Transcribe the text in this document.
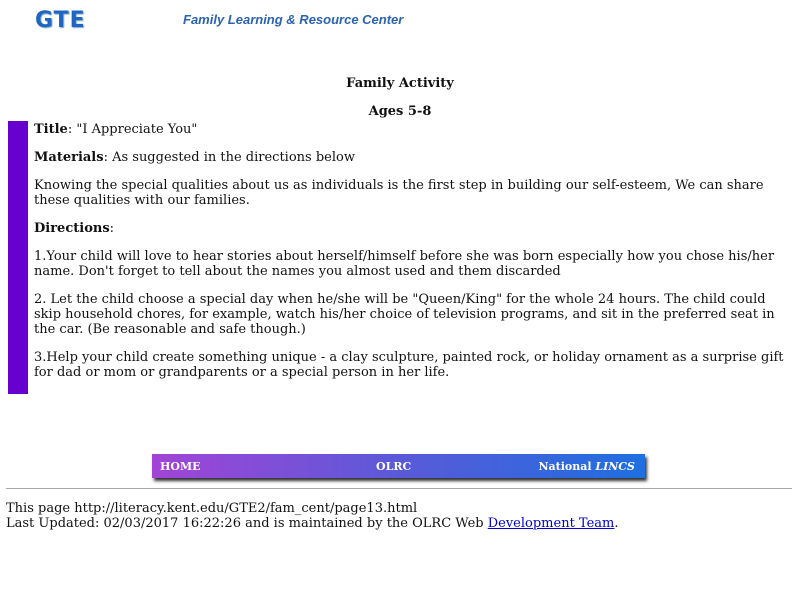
GTE	Family Learning & Resource Center
Family Activity
Ages 5-8

Title: "I Appreciate You"

Materials: As suggested in the directions below

Knowing the special qualities about us as individuals is the first step in building our self-esteem, We can share these qualities with our families.

Directions:

1.Your child will love to hear stories about herself/himself before she was born especially how you chose his/her name. Don't forget to tell about the names you almost used and them discarded

2. Let the child choose a special day when he/she will be "Queen/King" for the whole 24 hours. The child could skip household chores, for example, watch his/her choice of television programs, and sit in the preferred seat in the car. (Be reasonable and safe though.)

3.Help your child create something unique - a clay sculpture, painted rock, or holiday ornament as a surprise gift for dad or mom or grandparents or a special person in her life.

HOME	OLRC	National LINCS
This page http://literacy.kent.edu/GTE2/fam_cent/page13.html
Last Updated: 02/03/2017 16:22:26 and is maintained by the OLRC Web Development Team.
